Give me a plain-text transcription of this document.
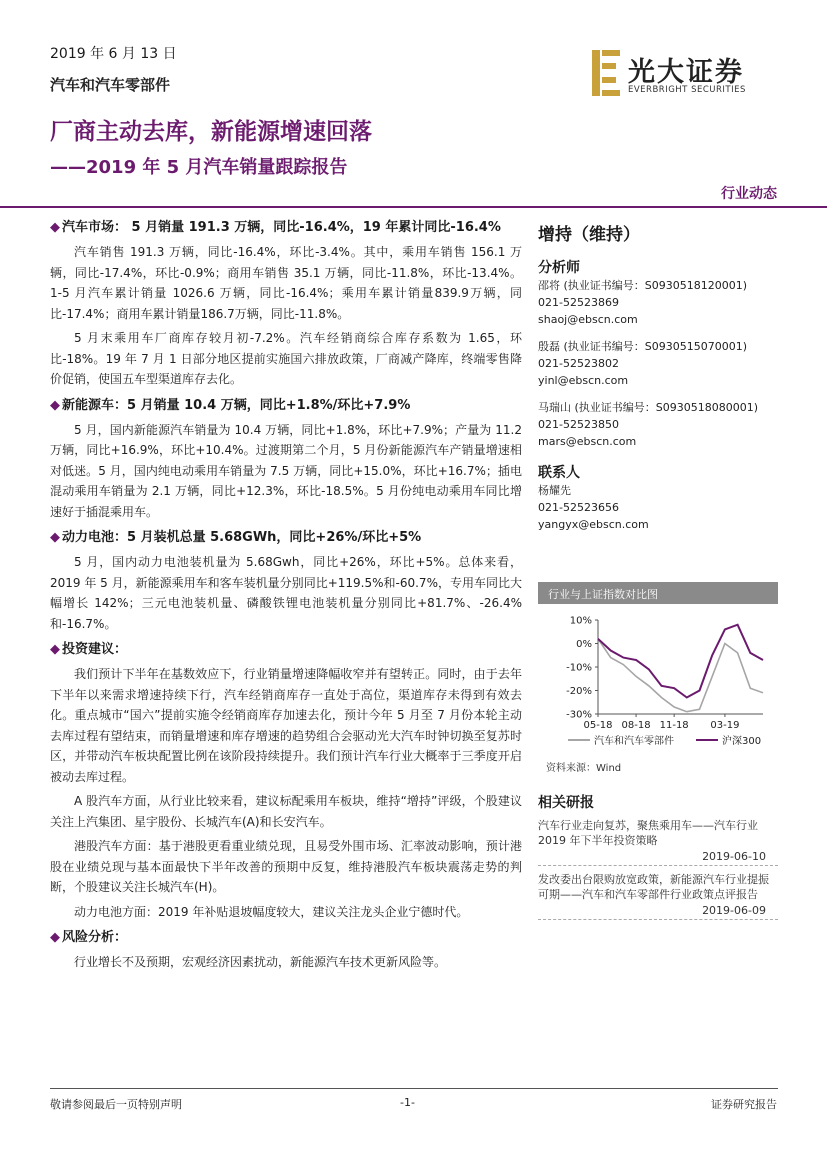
2019 年 6 月 13 日
汽车和汽车零部件
厂商主动去库，新能源增速回落
——2019 年 5 月汽车销量跟踪报告
行业动态
光大证券
EVERBRIGHT SECURITIES
◆ 汽车市场： 5 月销量 191.3 万辆，同比-16.4%，19 年累计同比-16.4%

汽车销售 191.3 万辆，同比-16.4%，环比-3.4%。其中，乘用车销售 156.1 万辆，同比-17.4%，环比-0.9%；商用车销售 35.1 万辆，同比-11.8%，环比-13.4%。1-5 月汽车累计销量 1026.6 万辆，同比-16.4%；乘用车累计销量839.9万辆，同比-17.4%；商用车累计销量186.7万辆，同比-11.8%。

5 月末乘用车厂商库存较月初-7.2%。汽车经销商综合库存系数为 1.65，环比-18%。19 年 7 月 1 日部分地区提前实施国六排放政策，厂商减产降库，终端零售降价促销，使国五车型渠道库存去化。

◆ 新能源车：5 月销量 10.4 万辆，同比+1.8%/环比+7.9%

5 月，国内新能源汽车销量为 10.4 万辆，同比+1.8%，环比+7.9%；产量为 11.2 万辆，同比+16.9%，环比+10.4%。过渡期第二个月，5 月份新能源汽车产销量增速相对低迷。5 月，国内纯电动乘用车销量为 7.5 万辆，同比+15.0%，环比+16.7%；插电混动乘用车销量为 2.1 万辆，同比+12.3%，环比-18.5%。5 月份纯电动乘用车同比增速好于插混乘用车。

◆ 动力电池：5 月装机总量 5.68GWh，同比+26%/环比+5%

5 月，国内动力电池装机量为 5.68Gwh，同比+26%，环比+5%。总体来看，2019 年 5 月，新能源乘用车和客车装机量分别同比+119.5%和-60.7%，专用车同比大幅增长 142%；三元电池装机量、磷酸铁锂电池装机量分别同比+81.7%、-26.4%和-16.7%。

◆ 投资建议：

我们预计下半年在基数效应下，行业销量增速降幅收窄并有望转正。同时，由于去年下半年以来需求增速持续下行，汽车经销商库存一直处于高位，渠道库存未得到有效去化。重点城市“国六”提前实施令经销商库存加速去化，预计今年 5 月至 7 月份本轮主动去库过程有望结束，而销量增速和库存增速的趋势组合会驱动光大汽车时钟切换至复苏时区，并带动汽车板块配置比例在该阶段持续提升。我们预计汽车行业大概率于三季度开启被动去库过程。

A 股汽车方面，从行业比较来看，建议标配乘用车板块，维持“增持”评级，个股建议关注上汽集团、星宇股份、长城汽车(A)和长安汽车。

港股汽车方面：基于港股更看重业绩兑现，且易受外围市场、汇率波动影响，预计港股在业绩兑现与基本面最快下半年改善的预期中反复，维持港股汽车板块震荡走势的判断，个股建议关注长城汽车(H)。

动力电池方面：2019 年补贴退坡幅度较大，建议关注龙头企业宁德时代。

◆ 风险分析：

行业增长不及预期，宏观经济因素扰动，新能源汽车技术更新风险等。

增持（维持）
分析师
邵将 (执业证书编号：S0930518120001)
021-52523869
shaoj@ebscn.com
殷磊 (执业证书编号：S0930515070001)
021-52523802
yinl@ebscn.com
马瑞山 (执业证书编号：S0930518080001)
021-52523850
mars@ebscn.com
联系人
杨耀先
021-52523656
yangyx@ebscn.com
行业与上证指数对比图
10%
0%
-10%
-20%
-30%
05-18 08-18 11-18 03-19
汽车和汽车零部件	沪深300
资料来源：Wind
相关研报
汽车行业走向复苏，聚焦乘用车——汽车行业 2019 年下半年投资策略
2019-06-10
发改委出台限购放宽政策，新能源汽车行业提振可期——汽车和汽车零部件行业政策点评报告
2019-06-09
敬请参阅最后一页特别声明	-1-	证券研究报告
